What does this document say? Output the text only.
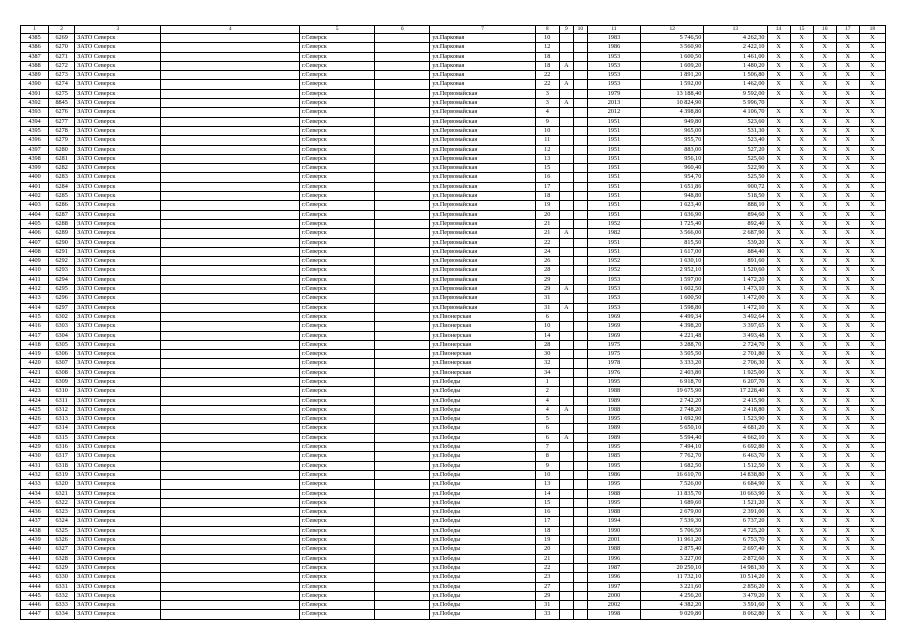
1	2	3	4	5	6	7	8	9	10	11	12	13	14	15	16	17	18
4385	6269	ЗАТО Северск		г.Северск		ул.Парковая	10			1983	5 746,50	4 262,30	X	X	X	X	X
4386	6270	ЗАТО Северск		г.Северск		ул.Парковая	12			1986	3 560,90	2 422,10	X	X	X	X	X
4387	6271	ЗАТО Северск		г.Северск		ул.Парковая	18			1953	1 600,50	1 461,00	X	X	X	X	X
4388	6272	ЗАТО Северск		г.Северск		ул.Парковая	18	А		1953	1 609,20	1 480,20	X	X	X	X	X
4389	6273	ЗАТО Северск		г.Северск		ул.Парковая	22			1953	1 891,20	1 506,80	X	X	X	X	X
4390	6274	ЗАТО Северск		г.Северск		ул.Парковая	22	А		1953	1 592,00	1 462,00	X	X	X	X	X
4391	6275	ЗАТО Северск		г.Северск		ул.Первомайская	3			1979	13 188,40	9 592,00	X	X	X	X	X
4392	8845	ЗАТО Северск		г.Северск		ул.Первомайская	3	А		2013	10 824,90	5 996,70		X	X	X	X
4393	6276	ЗАТО Северск		г.Северск		ул.Первомайская	4			2012	4 398,80	4 106,70	X	X	X	X	X
4394	6277	ЗАТО Северск		г.Северск		ул.Первомайская	9			1951	949,80	523,60	X	X	X	X	X
4395	6278	ЗАТО Северск		г.Северск		ул.Первомайская	10			1951	965,00	531,30	X	X	X	X	X
4396	6279	ЗАТО Северск		г.Северск		ул.Первомайская	11			1951	955,70	523,40	X	X	X	X	X
4397	6280	ЗАТО Северск		г.Северск		ул.Первомайская	12			1951	883,00	527,20	X	X	X	X	X
4398	6281	ЗАТО Северск		г.Северск		ул.Первомайская	13			1951	956,10	525,60	X	X	X	X	X
4399	6282	ЗАТО Северск		г.Северск		ул.Первомайская	15			1951	960,40	522,90	X	X	X	X	X
4400	6283	ЗАТО Северск		г.Северск		ул.Первомайская	16			1951	954,70	525,50	X	X	X	X	X
4401	6284	ЗАТО Северск		г.Северск		ул.Первомайская	17			1951	1 651,86	900,72	X	X	X	X	X
4402	6285	ЗАТО Северск		г.Северск		ул.Первомайская	18			1951	948,80	518,50	X	X	X	X	X
4403	6286	ЗАТО Северск		г.Северск		ул.Первомайская	19			1951	1 623,40	888,10	X	X	X	X	X
4404	6287	ЗАТО Северск		г.Северск		ул.Первомайская	20			1951	1 636,90	894,60	X	X	X	X	X
4405	6288	ЗАТО Северск		г.Северск		ул.Первомайская	21			1952	1 725,40	892,40	X	X	X	X	X
4406	6289	ЗАТО Северск		г.Северск		ул.Первомайская	21	А		1982	3 566,00	2 687,90	X	X	X	X	X
4407	6290	ЗАТО Северск		г.Северск		ул.Первомайская	22			1951	815,50	539,20	X	X	X	X	X
4408	6291	ЗАТО Северск		г.Северск		ул.Первомайская	24			1951	1 617,00	884,40	X	X	X	X	X
4409	6292	ЗАТО Северск		г.Северск		ул.Первомайская	26			1952	1 630,10	891,60	X	X	X	X	X
4410	6293	ЗАТО Северск		г.Северск		ул.Первомайская	28			1952	2 952,10	1 520,60	X	X	X	X	X
4411	6294	ЗАТО Северск		г.Северск		ул.Первомайская	29			1953	1 597,00	1 472,20	X	X	X	X	X
4412	6295	ЗАТО Северск		г.Северск		ул.Первомайская	29	А		1953	1 602,50	1 473,10	X	X	X	X	X
4413	6296	ЗАТО Северск		г.Северск		ул.Первомайская	31			1953	1 600,50	1 472,00	X	X	X	X	X
4414	6297	ЗАТО Северск		г.Северск		ул.Первомайская	31	А		1953	1 598,80	1 472,10	X	X	X	X	X
4415	6302	ЗАТО Северск		г.Северск		ул.Пионерская	6			1969	4 499,34	3 492,64	X	X	X	X	X
4416	6303	ЗАТО Северск		г.Северск		ул.Пионерская	10			1969	4 398,20	3 397,65	X	X	X	X	X
4417	6304	ЗАТО Северск		г.Северск		ул.Пионерская	14			1969	4 221,48	3 493,48	X	X	X	X	X
4418	6305	ЗАТО Северск		г.Северск		ул.Пионерская	28			1975	3 288,70	2 724,70	X	X	X	X	X
4419	6306	ЗАТО Северск		г.Северск		ул.Пионерская	30			1975	3 505,50	2 701,80	X	X	X	X	X
4420	6307	ЗАТО Северск		г.Северск		ул.Пионерская	32			1978	3 333,20	2 706,30	X	X	X	X	X
4421	6308	ЗАТО Северск		г.Северск		ул.Пионерская	34			1976	2 403,80	1 925,00	X	X	X	X	X
4422	6309	ЗАТО Северск		г.Северск		ул.Победы	1			1995	6 918,70	6 207,70	X	X	X	X	X
4423	6310	ЗАТО Северск		г.Северск		ул.Победы	2			1988	19 675,90	17 228,40	X	X	X	X	X
4424	6311	ЗАТО Северск		г.Северск		ул.Победы	4			1989	2 742,20	2 415,90	X	X	X	X	X
4425	6312	ЗАТО Северск		г.Северск		ул.Победы	4	А		1988	2 748,20	2 418,80	X	X	X	X	X
4426	6313	ЗАТО Северск		г.Северск		ул.Победы	5			1995	1 692,90	1 523,90	X	X	X	X	X
4427	6314	ЗАТО Северск		г.Северск		ул.Победы	6			1989	5 650,10	4 681,20	X	X	X	X	X
4428	6315	ЗАТО Северск		г.Северск		ул.Победы	6	А		1989	5 594,40	4 662,10	X	X	X	X	X
4429	6316	ЗАТО Северск		г.Северск		ул.Победы	7			1995	7 494,10	6 692,80	X	X	X	X	X
4430	6317	ЗАТО Северск		г.Северск		ул.Победы	8			1985	7 762,70	6 463,70	X	X	X	X	X
4431	6318	ЗАТО Северск		г.Северск		ул.Победы	9			1995	1 682,50	1 512,50	X	X	X	X	X
4432	6319	ЗАТО Северск		г.Северск		ул.Победы	10			1986	16 610,70	14 838,80	X	X	X	X	X
4433	6320	ЗАТО Северск		г.Северск		ул.Победы	13			1995	7 526,00	6 684,90	X	X	X	X	X
4434	6321	ЗАТО Северск		г.Северск		ул.Победы	14			1988	11 835,70	10 663,90	X	X	X	X	X
4435	6322	ЗАТО Северск		г.Северск		ул.Победы	15			1995	1 689,60	1 521,20	X	X	X	X	X
4436	6323	ЗАТО Северск		г.Северск		ул.Победы	16			1988	2 679,00	2 391,00	X	X	X	X	X
4437	6324	ЗАТО Северск		г.Северск		ул.Победы	17			1994	7 539,30	6 737,20	X	X	X	X	X
4438	6325	ЗАТО Северск		г.Северск		ул.Победы	18			1990	5 706,50	4 725,20	X	X	X	X	X
4439	6326	ЗАТО Северск		г.Северск		ул.Победы	19			2001	11 961,20	6 753,70	X	X	X	X	X
4440	6327	ЗАТО Северск		г.Северск		ул.Победы	20			1988	2 875,40	2 697,40	X	X	X	X	X
4441	6328	ЗАТО Северск		г.Северск		ул.Победы	21			1996	3 227,00	2 872,60	X	X	X	X	X
4442	6329	ЗАТО Северск		г.Северск		ул.Победы	22			1987	20 250,10	14 981,30	X	X	X	X	X
4443	6330	ЗАТО Северск		г.Северск		ул.Победы	23			1996	11 732,10	10 514,20	X	X	X	X	X
4444	6331	ЗАТО Северск		г.Северск		ул.Победы	27			1997	3 221,60	2 856,20	X	X	X	X	X
4445	6332	ЗАТО Северск		г.Северск		ул.Победы	29			2000	4 256,20	3 479,20	X	X	X	X	X
4446	6333	ЗАТО Северск		г.Северск		ул.Победы	31			2002	4 382,20	3 591,60	X	X	X	X	X
4447	6334	ЗАТО Северск		г.Северск		ул.Победы	33			1998	9 029,80	8 062,80	X	X	X	X	X
